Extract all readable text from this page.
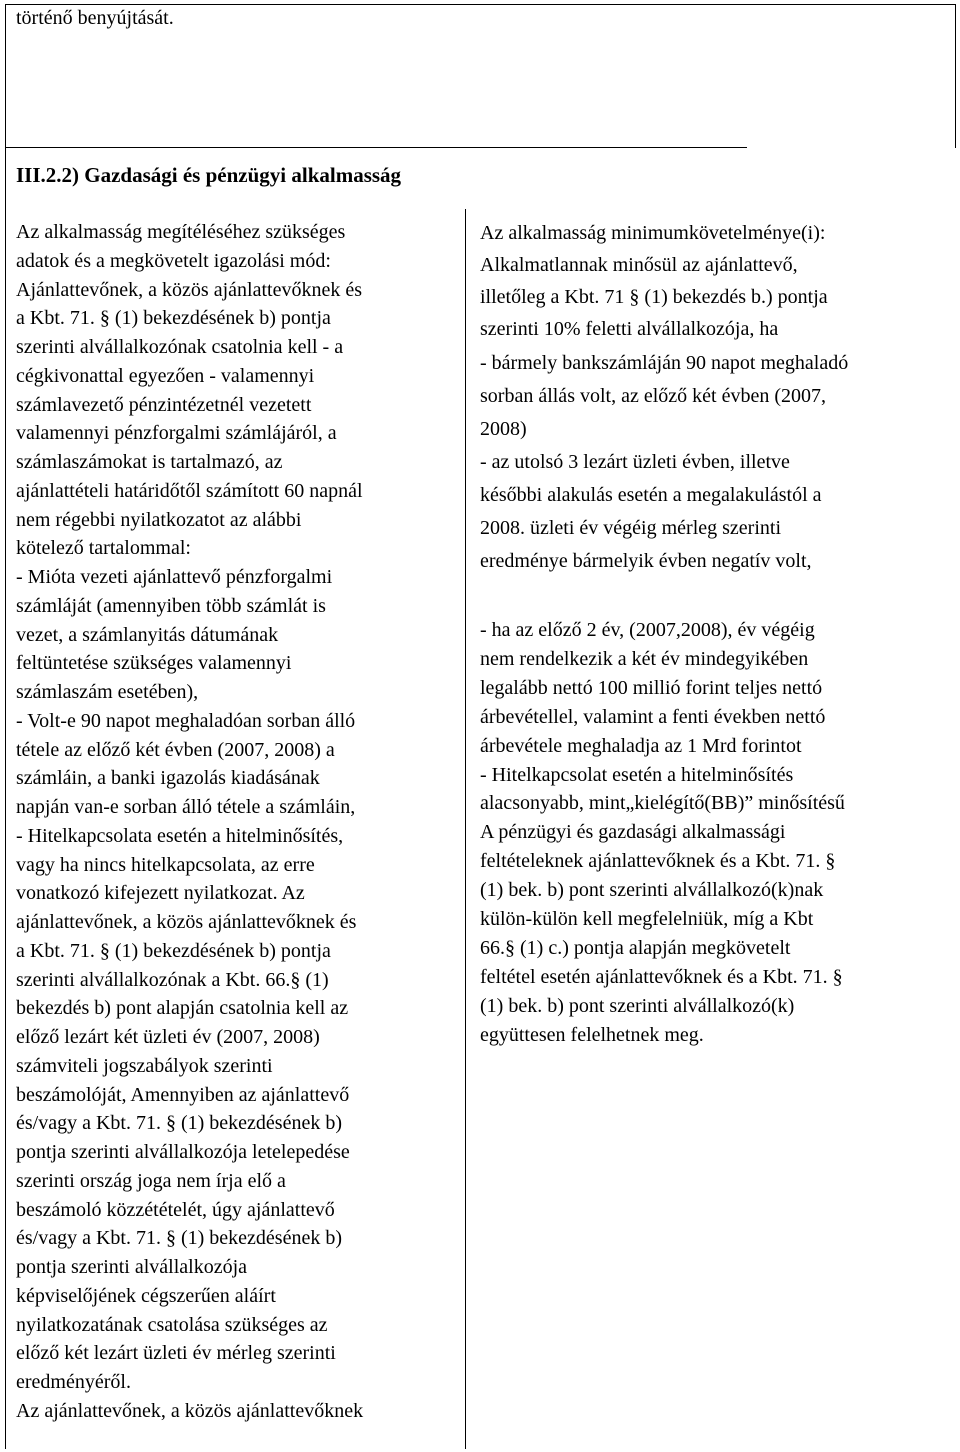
történő benyújtását.

III.2.2) Gazdasági és pénzügyi alkalmasság

Az alkalmasság megítéléséhez szükséges
adatok és a megkövetelt igazolási mód:
Ajánlattevőnek, a közös ajánlattevőknek és
a Kbt. 71. § (1) bekezdésének b) pontja
szerinti alvállalkozónak csatolnia kell - a
cégkivonattal egyezően - valamennyi
számlavezető pénzintézetnél vezetett
valamennyi pénzforgalmi számlájáról, a
számlaszámokat is tartalmazó, az
ajánlattételi határidőtől számított 60 napnál
nem régebbi nyilatkozatot az alábbi
kötelező tartalommal:
- Mióta vezeti ajánlattevő pénzforgalmi
számláját (amennyiben több számlát is
vezet, a számlanyitás dátumának
feltüntetése szükséges valamennyi
számlaszám esetében),
- Volt-e 90 napot meghaladóan sorban álló
tétele az előző két évben (2007, 2008) a
számláin, a banki igazolás kiadásának
napján van-e sorban álló tétele a számláin,
- Hitelkapcsolata esetén a hitelminősítés,
vagy ha nincs hitelkapcsolata, az erre
vonatkozó kifejezett nyilatkozat. Az
ajánlattevőnek, a közös ajánlattevőknek és
a Kbt. 71. § (1) bekezdésének b) pontja
szerinti alvállalkozónak a Kbt. 66.§ (1)
bekezdés b) pont alapján csatolnia kell az
előző lezárt két üzleti év (2007, 2008)
számviteli jogszabályok szerinti
beszámolóját, Amennyiben az ajánlattevő
és/vagy a Kbt. 71. § (1) bekezdésének b)
pontja szerinti alvállalkozója letelepedése
szerinti ország joga nem írja elő a
beszámoló közzétételét, úgy ajánlattevő
és/vagy a Kbt. 71. § (1) bekezdésének b)
pontja szerinti alvállalkozója
képviselőjének cégszerűen aláírt
nyilatkozatának csatolása szükséges az
előző két lezárt üzleti év mérleg szerinti
eredményéről.
Az ajánlattevőnek, a közös ajánlattevőknek
Az alkalmasság minimumkövetelménye(i):
Alkalmatlannak minősül az ajánlattevő,
illetőleg a Kbt. 71 § (1) bekezdés b.) pontja
szerinti 10% feletti alvállalkozója, ha
- bármely bankszámláján 90 napot meghaladó
sorban állás volt, az előző két évben (2007,
2008)
- az utolsó 3 lezárt üzleti évben, illetve
későbbi alakulás esetén a megalakulástól a
2008. üzleti év végéig mérleg szerinti
eredménye bármelyik évben negatív volt,
- ha az előző 2 év, (2007,2008), év végéig
nem rendelkezik a két év mindegyikében
legalább nettó 100 millió forint teljes nettó
árbevétellel, valamint a fenti években nettó
árbevétele meghaladja az 1 Mrd forintot
- Hitelkapcsolat esetén a hitelminősítés
alacsonyabb, mint„kielégítő(BB)” minősítésű
A pénzügyi és gazdasági alkalmassági
feltételeknek ajánlattevőknek és a Kbt. 71. §
(1) bek. b) pont szerinti alvállalkozó(k)nak
külön-külön kell megfelelniük, míg a Kbt
66.§ (1) c.) pontja alapján megkövetelt
feltétel esetén ajánlattevőknek és a Kbt. 71. §
(1) bek. b) pont szerinti alvállalkozó(k)
együttesen felelhetnek meg.
